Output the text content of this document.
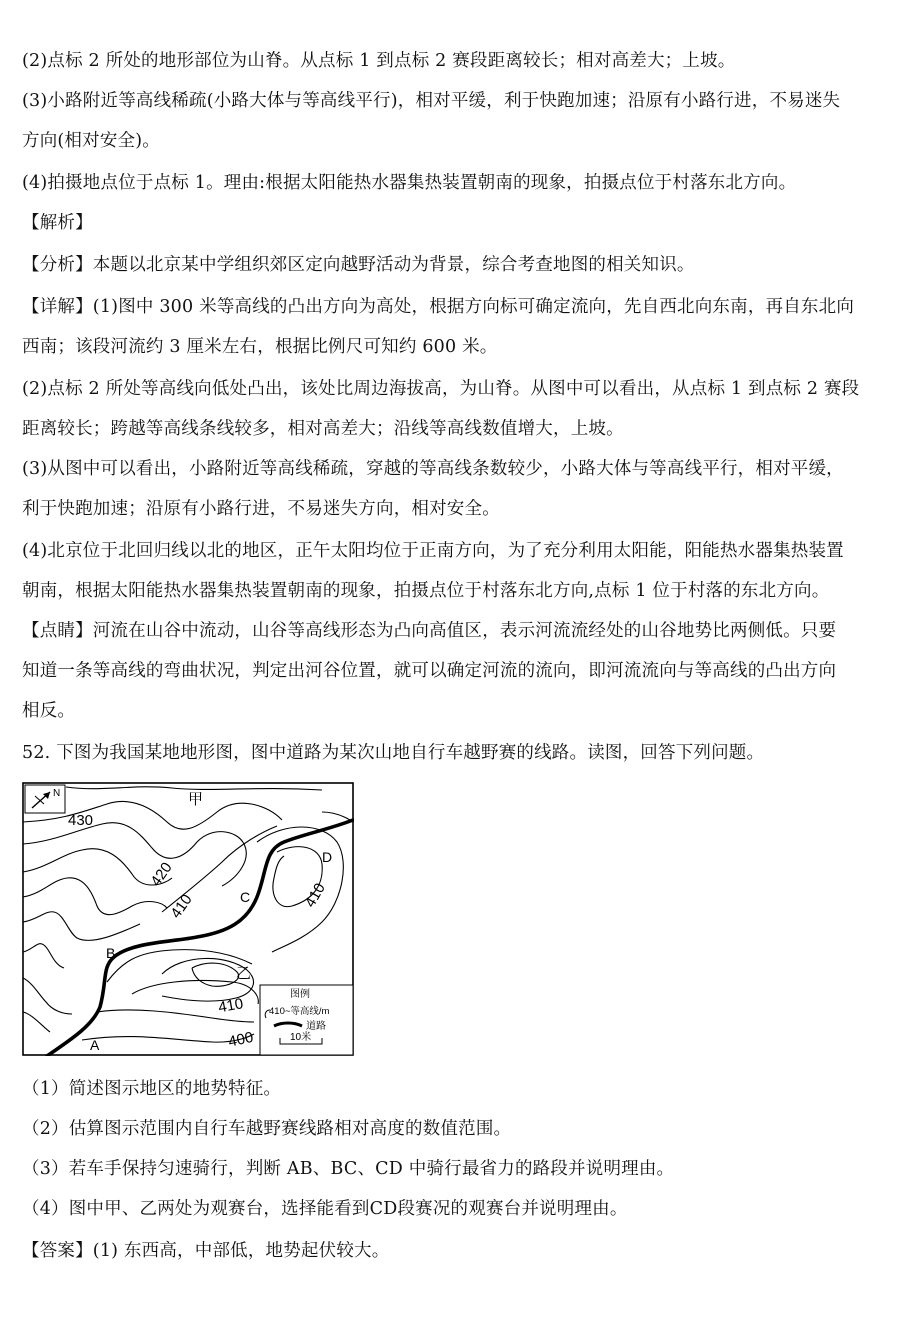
(2)点标 2 所处的地形部位为山脊。从点标 1 到点标 2 赛段距离较长；相对高差大；上坡。
(3)小路附近等高线稀疏(小路大体与等高线平行)，相对平缓，利于快跑加速；沿原有小路行进，不易迷失
方向(相对安全)。
(4)拍摄地点位于点标 1。理由:根据太阳能热水器集热装置朝南的现象，拍摄点位于村落东北方向。
【解析】
【分析】本题以北京某中学组织郊区定向越野活动为背景，综合考查地图的相关知识。
【详解】(1)图中 300 米等高线的凸出方向为高处，根据方向标可确定流向，先自西北向东南，再自东北向
西南；该段河流约 3 厘米左右，根据比例尺可知约 600 米。
(2)点标 2 所处等高线向低处凸出，该处比周边海拔高，为山脊。从图中可以看出，从点标 1 到点标 2 赛段
距离较长；跨越等高线条线较多，相对高差大；沿线等高线数值增大，上坡。
(3)从图中可以看出，小路附近等高线稀疏，穿越的等高线条数较少，小路大体与等高线平行，相对平缓，
利于快跑加速；沿原有小路行进，不易迷失方向，相对安全。
(4)北京位于北回归线以北的地区，正午太阳均位于正南方向，为了充分利用太阳能，阳能热水器集热装置
朝南，根据太阳能热水器集热装置朝南的现象，拍摄点位于村落东北方向,点标 1 位于村落的东北方向。
【点睛】河流在山谷中流动，山谷等高线形态为凸向高值区，表示河流流经处的山谷地势比两侧低。只要
知道一条等高线的弯曲状况，判定出河谷位置，就可以确定河流的流向，即河流流向与等高线的凸出方向
相反。
52. 下图为我国某地地形图，图中道路为某次山地自行车越野赛的线路。读图，回答下列问题。
（1）简述图示地区的地势特征。
（2）估算图示范围内自行车越野赛线路相对高度的数值范围。
（3）若车手保持匀速骑行，判断 AB、BC、CD 中骑行最省力的路段并说明理由。
（4）图中甲、乙两处为观赛台，选择能看到CD段赛况的观赛台并说明理由。
【答案】(1) 东西高，中部低，地势起伏较大。
N
430
420
410	410
410
400
A
B
C
D
甲
乙
图例
410~等高线/m
道路
10米
